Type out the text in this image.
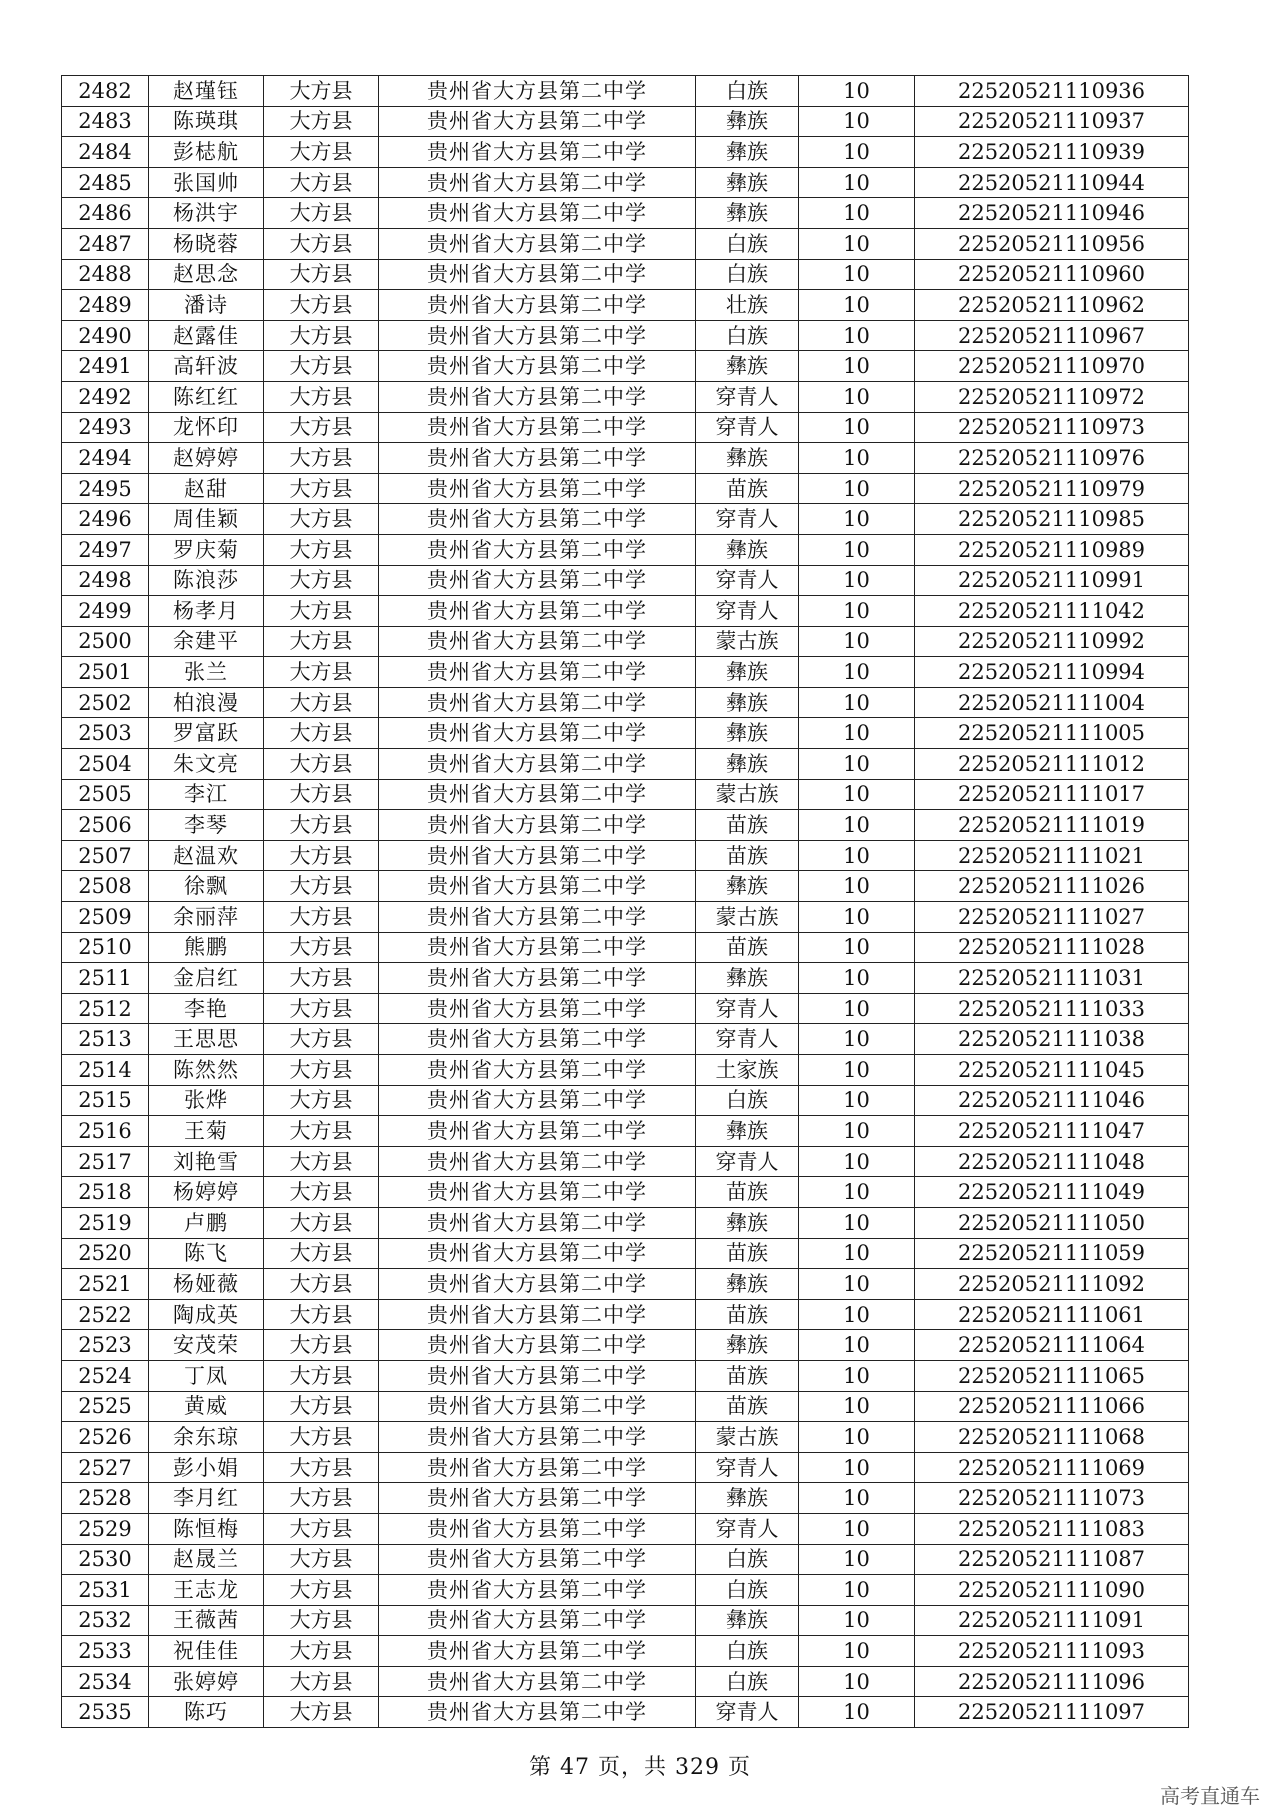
2482	赵瑾钰	大方县	贵州省大方县第二中学	白族	10	22520521110936
2483	陈瑛琪	大方县	贵州省大方县第二中学	彝族	10	22520521110937
2484	彭梽航	大方县	贵州省大方县第二中学	彝族	10	22520521110939
2485	张国帅	大方县	贵州省大方县第二中学	彝族	10	22520521110944
2486	杨洪宇	大方县	贵州省大方县第二中学	彝族	10	22520521110946
2487	杨晓蓉	大方县	贵州省大方县第二中学	白族	10	22520521110956
2488	赵思念	大方县	贵州省大方县第二中学	白族	10	22520521110960
2489	潘诗	大方县	贵州省大方县第二中学	壮族	10	22520521110962
2490	赵露佳	大方县	贵州省大方县第二中学	白族	10	22520521110967
2491	高轩波	大方县	贵州省大方县第二中学	彝族	10	22520521110970
2492	陈红红	大方县	贵州省大方县第二中学	穿青人	10	22520521110972
2493	龙怀印	大方县	贵州省大方县第二中学	穿青人	10	22520521110973
2494	赵婷婷	大方县	贵州省大方县第二中学	彝族	10	22520521110976
2495	赵甜	大方县	贵州省大方县第二中学	苗族	10	22520521110979
2496	周佳颖	大方县	贵州省大方县第二中学	穿青人	10	22520521110985
2497	罗庆菊	大方县	贵州省大方县第二中学	彝族	10	22520521110989
2498	陈浪莎	大方县	贵州省大方县第二中学	穿青人	10	22520521110991
2499	杨孝月	大方县	贵州省大方县第二中学	穿青人	10	22520521111042
2500	余建平	大方县	贵州省大方县第二中学	蒙古族	10	22520521110992
2501	张兰	大方县	贵州省大方县第二中学	彝族	10	22520521110994
2502	柏浪漫	大方县	贵州省大方县第二中学	彝族	10	22520521111004
2503	罗富跃	大方县	贵州省大方县第二中学	彝族	10	22520521111005
2504	朱文亮	大方县	贵州省大方县第二中学	彝族	10	22520521111012
2505	李江	大方县	贵州省大方县第二中学	蒙古族	10	22520521111017
2506	李琴	大方县	贵州省大方县第二中学	苗族	10	22520521111019
2507	赵温欢	大方县	贵州省大方县第二中学	苗族	10	22520521111021
2508	徐飘	大方县	贵州省大方县第二中学	彝族	10	22520521111026
2509	余丽萍	大方县	贵州省大方县第二中学	蒙古族	10	22520521111027
2510	熊鹏	大方县	贵州省大方县第二中学	苗族	10	22520521111028
2511	金启红	大方县	贵州省大方县第二中学	彝族	10	22520521111031
2512	李艳	大方县	贵州省大方县第二中学	穿青人	10	22520521111033
2513	王思思	大方县	贵州省大方县第二中学	穿青人	10	22520521111038
2514	陈然然	大方县	贵州省大方县第二中学	土家族	10	22520521111045
2515	张烨	大方县	贵州省大方县第二中学	白族	10	22520521111046
2516	王菊	大方县	贵州省大方县第二中学	彝族	10	22520521111047
2517	刘艳雪	大方县	贵州省大方县第二中学	穿青人	10	22520521111048
2518	杨婷婷	大方县	贵州省大方县第二中学	苗族	10	22520521111049
2519	卢鹏	大方县	贵州省大方县第二中学	彝族	10	22520521111050
2520	陈飞	大方县	贵州省大方县第二中学	苗族	10	22520521111059
2521	杨娅薇	大方县	贵州省大方县第二中学	彝族	10	22520521111092
2522	陶成英	大方县	贵州省大方县第二中学	苗族	10	22520521111061
2523	安茂荣	大方县	贵州省大方县第二中学	彝族	10	22520521111064
2524	丁凤	大方县	贵州省大方县第二中学	苗族	10	22520521111065
2525	黄威	大方县	贵州省大方县第二中学	苗族	10	22520521111066
2526	余东琼	大方县	贵州省大方县第二中学	蒙古族	10	22520521111068
2527	彭小娟	大方县	贵州省大方县第二中学	穿青人	10	22520521111069
2528	李月红	大方县	贵州省大方县第二中学	彝族	10	22520521111073
2529	陈恒梅	大方县	贵州省大方县第二中学	穿青人	10	22520521111083
2530	赵晟兰	大方县	贵州省大方县第二中学	白族	10	22520521111087
2531	王志龙	大方县	贵州省大方县第二中学	白族	10	22520521111090
2532	王薇茜	大方县	贵州省大方县第二中学	彝族	10	22520521111091
2533	祝佳佳	大方县	贵州省大方县第二中学	白族	10	22520521111093
2534	张婷婷	大方县	贵州省大方县第二中学	白族	10	22520521111096
2535	陈巧	大方县	贵州省大方县第二中学	穿青人	10	22520521111097
第 47 页，共 329 页
高考直通车
